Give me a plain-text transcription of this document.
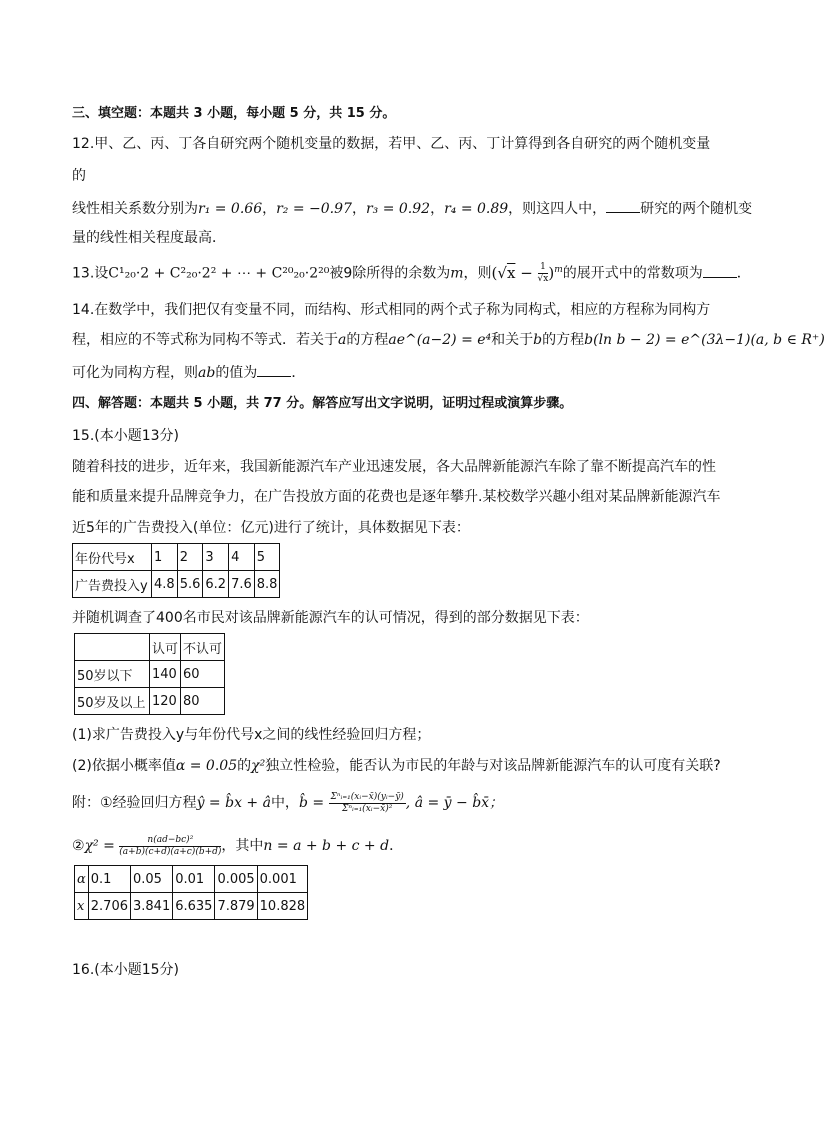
三、填空题：本题共 3 小题，每小题 5 分，共 15 分。
12.甲、乙、丙、丁各自研究两个随机变量的数据，若甲、乙、丙、丁计算得到各自研究的两个随机变量
的
线性相关系数分别为r₁ = 0.66，r₂ = −0.97，r₃ = 0.92，r₄ = 0.89，则这四人中， 研究的两个随机变
量的线性相关程度最高．
13.设C¹₂₀·2 + C²₂₀·2² + ⋯ + C²⁰₂₀·2²⁰被9除所得的余数为m，则$(√x - \frac{1}{√x} )^m$的展开式中的常数项为 ．
14.在数学中，我们把仅有变量不同，而结构、形式相同的两个式子称为同构式，相应的方程称为同构方
程，相应的不等式称为同构不等式．若关于a的方程ae^(a−2) = e⁴和关于b的方程b(ln b − 2) = e^(3λ−1)(a, b ∈ R⁺)
可化为同构方程，则ab的值为 ．
四、解答题：本题共 5 小题，共 77 分。解答应写出文字说明，证明过程或演算步骤。
15.(本小题13分)
随着科技的进步，近年来，我国新能源汽车产业迅速发展，各大品牌新能源汽车除了靠不断提高汽车的性
能和质量来提升品牌竞争力，在广告投放方面的花费也是逐年攀升.某校数学兴趣小组对某品牌新能源汽车
近5年的广告费投入(单位：亿元)进行了统计，具体数据见下表：
年份代号x	1	2	3	4	5
广告费投入y	4.8	5.6	6.2	7.6	8.8
并随机调查了400名市民对该品牌新能源汽车的认可情况，得到的部分数据见下表：
	认可	不认可
50岁以下	140	60
50岁及以上	120	80
(1)求广告费投入y与年份代号x之间的线性经验回归方程；
(2)依据小概率值α = 0.05的χ²独立性检验，能否认为市民的年龄与对该品牌新能源汽车的认可度有关联?
附：①经验回归方程ŷ = b̂x + â中，b̂ = $\frac{\text{Σⁿᵢ₌₁(xᵢ−x̄)(yᵢ−ȳ)}}{\text{Σⁿᵢ₌₁(xᵢ−x̄)²}}$ , â = ȳ − b̂x̄；
②χ² = $\frac{\text{n(ad−bc)²}}{(a+b)(c+d)(a+c)(b+d)}$ ，其中n = a + b + c + d．
α	0.1	0.05	0.01	0.005	0.001
x	2.706	3.841	6.635	7.879	10.828
16.(本小题15分)
